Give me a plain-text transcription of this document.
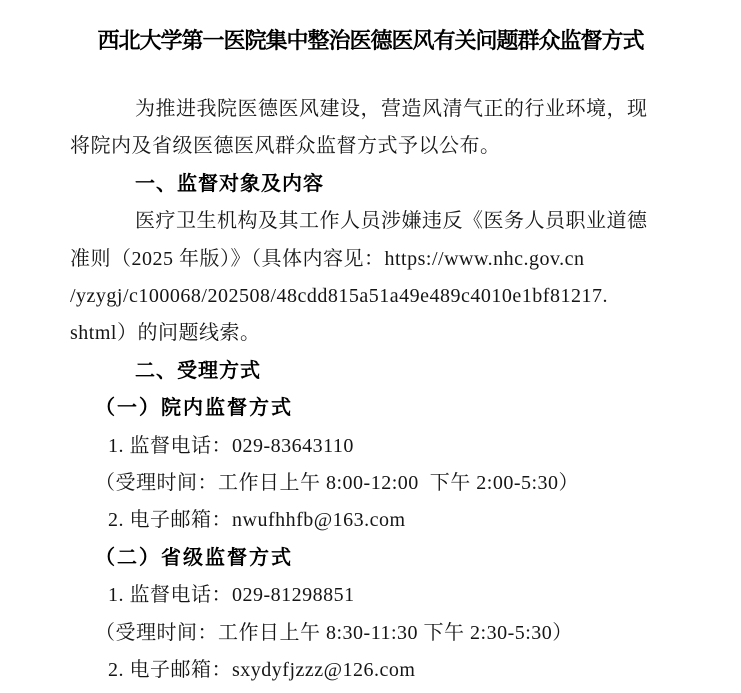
西北大学第一医院集中整治医德医风有关问题群众监督方式
为推进我院医德医风建设，营造风清气正的行业环境，现
将院内及省级医德医风群众监督方式予以公布。
一、监督对象及内容
医疗卫生机构及其工作人员涉嫌违反《医务人员职业道德
准则（2025 年版）》（具体内容见：https://www.nhc.gov.cn
/yzygj/c100068/202508/48cdd815a51a49e489c4010e1bf81217.
shtml）的问题线索。
二、受理方式
（一）院内监督方式
1. 监督电话：029-83643110
（受理时间：工作日上午 8:00-12:00  下午 2:00-5:30）
2. 电子邮箱：nwufhhfb@163.com
（二）省级监督方式
1. 监督电话：029-81298851
（受理时间：工作日上午 8:30-11:30 下午 2:30-5:30）
2. 电子邮箱：sxydyfjzzz@126.com
